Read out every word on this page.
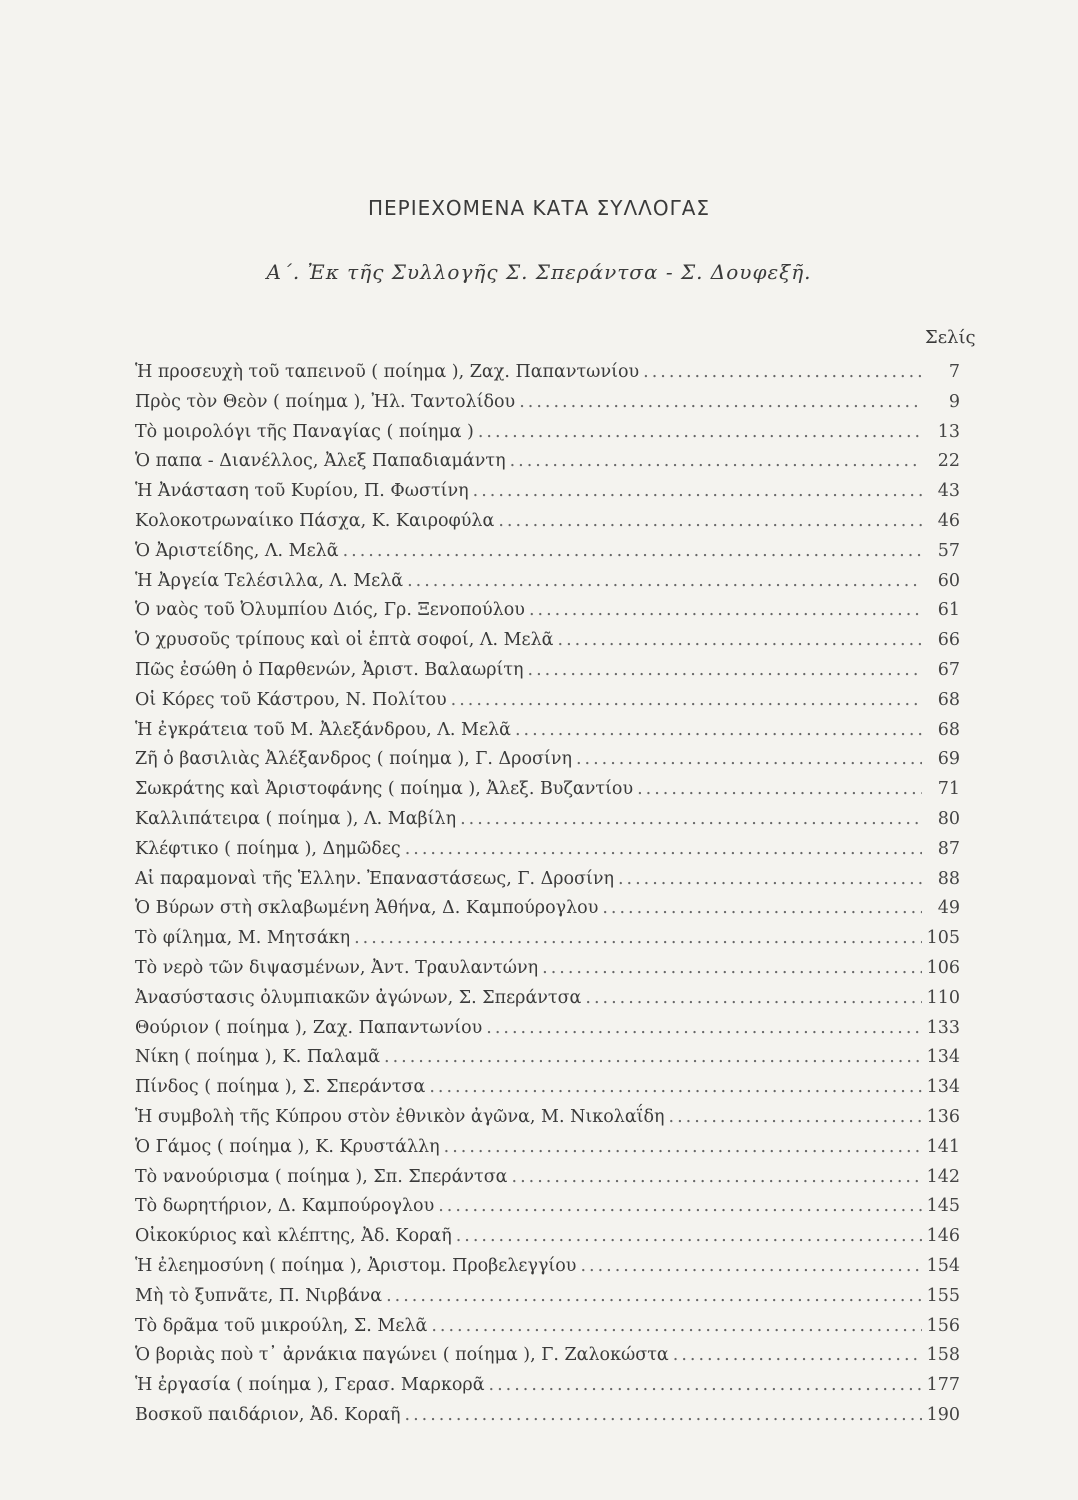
ΠΕΡΙΕΧΟΜΕΝΑ ΚΑΤΑ ΣΥΛΛΟΓΑΣ
Α΄. Ἐκ τῆς Συλλογῆς Σ. Σπεράντσα - Σ. Δουφεξῆ.
Σελίς
Ἡ προσευχὴ τοῦ ταπεινοῦ ( ποίημα ), Ζαχ. Παπαντωνίου .....	7
Πρὸς τὸν Θεὸν ( ποίημα ), Ἠλ. Ταντολίδου .....	9
Τὸ μοιρολόγι τῆς Παναγίας ( ποίημα ) .....	13
Ὁ παπα - Διανέλλος, Ἀλεξ Παπαδιαμάντη .....	22
Ἡ Ἀνάσταση τοῦ Κυρίου, Π. Φωστίνη .....	43
Κολοκοτρωναίικο Πάσχα, Κ. Καιροφύλα .....	46
Ὁ Ἀριστείδης, Λ. Μελᾶ .....	57
Ἡ Ἀργεία Τελέσιλλα, Λ. Μελᾶ .....	60
Ὁ ναὸς τοῦ Ὀλυμπίου Διός, Γρ. Ξενοπούλου .....	61
Ὁ χρυσοῦς τρίπους καὶ οἱ ἑπτὰ σοφοί, Λ. Μελᾶ .....	66
Πῶς ἐσώθη ὁ Παρθενών, Ἀριστ. Βαλαωρίτη .....	67
Οἱ Κόρες τοῦ Κάστρου, Ν. Πολίτου .....	68
Ἡ ἐγκράτεια τοῦ Μ. Ἀλεξάνδρου, Λ. Μελᾶ .....	68
Ζῆ ὁ βασιλιὰς Ἀλέξανδρος ( ποίημα ), Γ. Δροσίνη .....	69
Σωκράτης καὶ Ἀριστοφάνης ( ποίημα ), Ἀλεξ. Βυζαντίου .....	71
Καλλιπάτειρα ( ποίημα ), Λ. Μαβίλη .....	80
Κλέφτικο ( ποίημα ), Δημῶδες .....	87
Αἱ παραμοναὶ τῆς Ἑλλην. Ἐπαναστάσεως, Γ. Δροσίνη .....	88
Ὁ Βύρων στὴ σκλαβωμένη Ἀθήνα, Δ. Καμπούρογλου .....	49
Τὸ φίλημα, Μ. Μητσάκη .....	105
Τὸ νερὸ τῶν διψασμένων, Ἀντ. Τραυλαντώνη .....	106
Ἀνασύστασις ὀλυμπιακῶν ἀγώνων, Σ. Σπεράντσα .....	110
Θούριον ( ποίημα ), Ζαχ. Παπαντωνίου .....	133
Νίκη ( ποίημα ), Κ. Παλαμᾶ .....	134
Πίνδος ( ποίημα ), Σ. Σπεράντσα .....	134
Ἡ συμβολὴ τῆς Κύπρου στὸν ἐθνικὸν ἀγῶνα, Μ. Νικολαΐδη .....	136
Ὁ Γάμος ( ποίημα ), Κ. Κρυστάλλη .....	141
Τὸ νανούρισμα ( ποίημα ), Σπ. Σπεράντσα .....	142
Τὸ δωρητήριον, Δ. Καμπούρογλου .....	145
Οἰκοκύριος καὶ κλέπτης, Ἀδ. Κοραῆ .....	146
Ἡ ἐλεημοσύνη ( ποίημα ), Ἀριστομ. Προβελεγγίου .....	154
Μὴ τὸ ξυπνᾶτε, Π. Νιρβάνα .....	155
Τὸ δρᾶμα τοῦ μικρούλη, Σ. Μελᾶ .....	156
Ὁ βοριὰς ποὺ τ᾽ ἀρνάκια παγώνει ( ποίημα ), Γ. Ζαλοκώστα .....	158
Ἡ ἐργασία ( ποίημα ), Γερασ. Μαρκορᾶ .....	177
Βοσκοῦ παιδάριον, Ἀδ. Κοραῆ .....	190
